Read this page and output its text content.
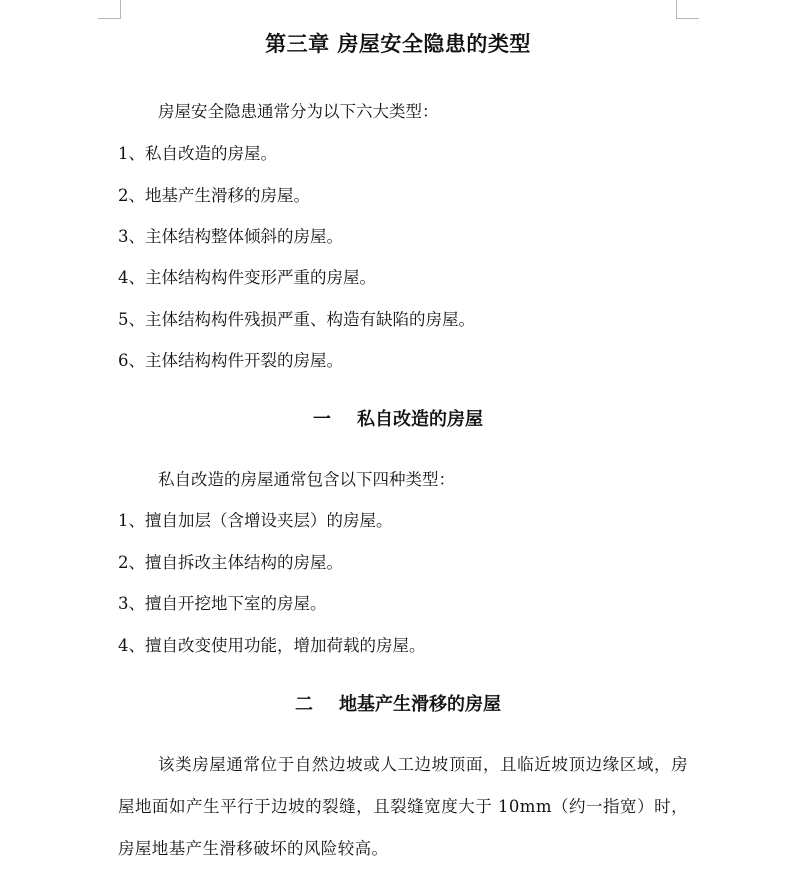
第三章 房屋安全隐患的类型

房屋安全隐患通常分为以下六大类型：

1、私自改造的房屋。

2、地基产生滑移的房屋。

3、主体结构整体倾斜的房屋。

4、主体结构构件变形严重的房屋。

5、主体结构构件残损严重、构造有缺陷的房屋。

6、主体结构构件开裂的房屋。

一 私自改造的房屋

私自改造的房屋通常包含以下四种类型：

1、擅自加层（含增设夹层）的房屋。

2、擅自拆改主体结构的房屋。

3、擅自开挖地下室的房屋。

4、擅自改变使用功能，增加荷载的房屋。

二 地基产生滑移的房屋

该类房屋通常位于自然边坡或人工边坡顶面，且临近坡顶边缘区域，房屋地面如产生平行于边坡的裂缝，且裂缝宽度大于 10mm（约一指宽）时，房屋地基产生滑移破坏的风险较高。
